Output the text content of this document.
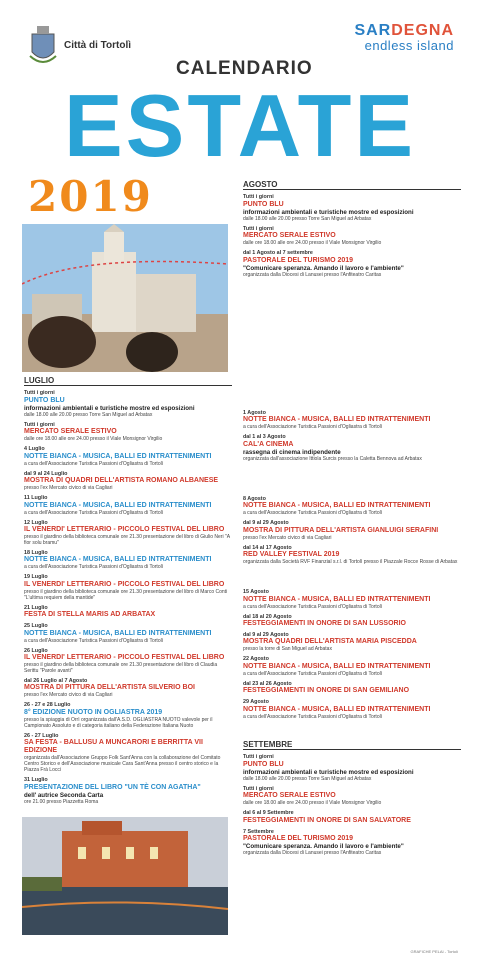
Città di Tortolì
SARDEGNA
endless island
CALENDARIO
ESTATE
2019
LUGLIO
Tutti i giorni
PUNTO BLU
informazioni ambientali e turistiche mostre ed esposizioni
dalle 18.00 alle 20.00 presso Torre San Miguel ad Arbatax
Tutti i giorni
MERCATO SERALE ESTIVO
dalle ore 18.00 alle ore 24.00 presso il Viale Monsignor Virgilio
4 Luglio
NOTTE BIANCA - MUSICA, BALLI ED INTRATTENIMENTI
a cura dell'Associazione Turistica Passioni d'Ogliastra di Tortolì
dal 9 al 24 Luglio
MOSTRA DI QUADRI DELL'ARTISTA ROMANO ALBANESE
presso l'ex Mercato civico di via Cagliari
11 Luglio
NOTTE BIANCA - MUSICA, BALLI ED INTRATTENIMENTI
a cura dell'Associazione Turistica Passioni d'Ogliastra di Tortolì
12 Luglio
IL VENERDI' LETTERARIO - PICCOLO FESTIVAL DEL LIBRO
presso il giardino della biblioteca comunale ore 21.30 presentazione del libro di Giulio Neri "A fior solu bramu"
18 Luglio
NOTTE BIANCA - MUSICA, BALLI ED INTRATTENIMENTI
a cura dell'Associazione Turistica Passioni d'Ogliastra di Tortolì
19 Luglio
IL VENERDI' LETTERARIO - PICCOLO FESTIVAL DEL LIBRO
presso il giardino della biblioteca comunale ore 21.30 presentazione del libro di Marco Conti "L'ultima requiem della mantide"
21 Luglio
FESTA DI STELLA MARIS AD ARBATAX
25 Luglio
NOTTE BIANCA - MUSICA, BALLI ED INTRATTENIMENTI
a cura dell'Associazione Turistica Passioni d'Ogliastra di Tortolì
26 Luglio
IL VENERDI' LETTERARIO - PICCOLO FESTIVAL DEL LIBRO
presso il giardino della biblioteca comunale ore 21.30 presentazione del libro di Claudia Serittu "Parole avanti"
dal 26 Luglio al 7 Agosto
MOSTRA DI PITTURA DELL'ARTISTA SILVERIO BOI
presso l'ex Mercato civico di via Cagliari
26 - 27 e 28 Luglio
8° EDIZIONE NUOTO IN OGLIASTRA 2019
presso la spiaggia di Orrì organizzata dall'A.S.D. OGLIASTRA NUOTO valevole per il Campionato Assoluto e di categoria italiano della Federazione Italiana Nuoto
26 - 27 Luglio
SA FESTA - BALLUSU A MUNCARORI E BERRITTA VII EDIZIONE
organizzata dall'Associazione Gruppo Folk Sant'Anna con la collaborazione del Comitato Centro Storico e dell'Associazione musicale Cara Sant'Anna presso il centro storico e la Piazza Frà Locci
31 Luglio
PRESENTAZIONE DEL LIBRO "UN TÈ CON AGATHA"
dell' autrice Seconda Carta
ore 21.00 presso Piazzetta Roma
AGOSTO
Tutti i giorni
PUNTO BLU
informazioni ambientali e turistiche mostre ed esposizioni
dalle 18.00 alle 20.00 presso Torre San Miguel ad Arbatax
Tutti i giorni
MERCATO SERALE ESTIVO
dalle ore 18.00 alle ore 24.00 presso il Viale Monsignor Virgilio
dal 1 Agosto al 7 settembre
PASTORALE DEL TURISMO 2019
"Comunicare speranza. Amando il lavoro e l'ambiente"
organizzata dalla Diocesi di Lanusei presso l'Anfiteatro Caritas
1 Agosto
NOTTE BIANCA - MUSICA, BALLI ED INTRATTENIMENTI
a cura dell'Associazione Turistica Passioni d'Ogliastra di Tortolì
dal 1 al 3 Agosto
CAL'A CINEMA
rassegna di cinema indipendente
organizzata dall'associazione Ittiola Surcis presso la Caletta Bennova ad Arbatax
8 Agosto
NOTTE BIANCA - MUSICA, BALLI ED INTRATTENIMENTI
a cura dell'Associazione Turistica Passioni d'Ogliastra di Tortolì
dal 9 al 29 Agosto
MOSTRA DI PITTURA DELL'ARTISTA GIANLUIGI SERAFINI
presso l'ex Mercato civico di via Cagliari
dal 14 al 17 Agosto
RED VALLEY FESTIVAL 2019
organizzata dalla Società RVF Finanzial s.r.l. di Tortolì presso il Piazzale Rocce Rosse di Arbatax
15 Agosto
NOTTE BIANCA - MUSICA, BALLI ED INTRATTENIMENTI
a cura dell'Associazione Turistica Passioni d'Ogliastra di Tortolì
dal 18 al 20 Agosto
FESTEGGIAMENTI IN ONORE DI SAN LUSSORIO
dal 9 al 29 Agosto
MOSTRA QUADRI DELL'ARTISTA MARIA PISCEDDA
presso la torre di San Miguel ad Arbatax
22 Agosto
NOTTE BIANCA - MUSICA, BALLI ED INTRATTENIMENTI
a cura dell'Associazione Turistica Passioni d'Ogliastra di Tortolì
dal 23 al 26 Agosto
FESTEGGIAMENTI IN ONORE DI SAN GEMILIANO
29 Agosto
NOTTE BIANCA - MUSICA, BALLI ED INTRATTENIMENTI
a cura dell'Associazione Turistica Passioni d'Ogliastra di Tortolì
SETTEMBRE
Tutti i giorni
PUNTO BLU
informazioni ambientali e turistiche mostre ed esposizioni
dalle 18.00 alle 20.00 presso Torre San Miguel ad Arbatax
Tutti i giorni
MERCATO SERALE ESTIVO
dalle ore 18.00 alle ore 24.00 presso il Viale Monsignor Virgilio
dal 6 al 9 Settembre
FESTEGGIAMENTI IN ONORE DI SAN SALVATORE
7 Settembre
PASTORALE DEL TURISMO 2019
"Comunicare speranza. Amando il lavoro e l'ambiente"
organizzata dalla Diocesi di Lanusei presso l'Anfiteatro Caritas
GRAFICHE PELAI - Tortolì
